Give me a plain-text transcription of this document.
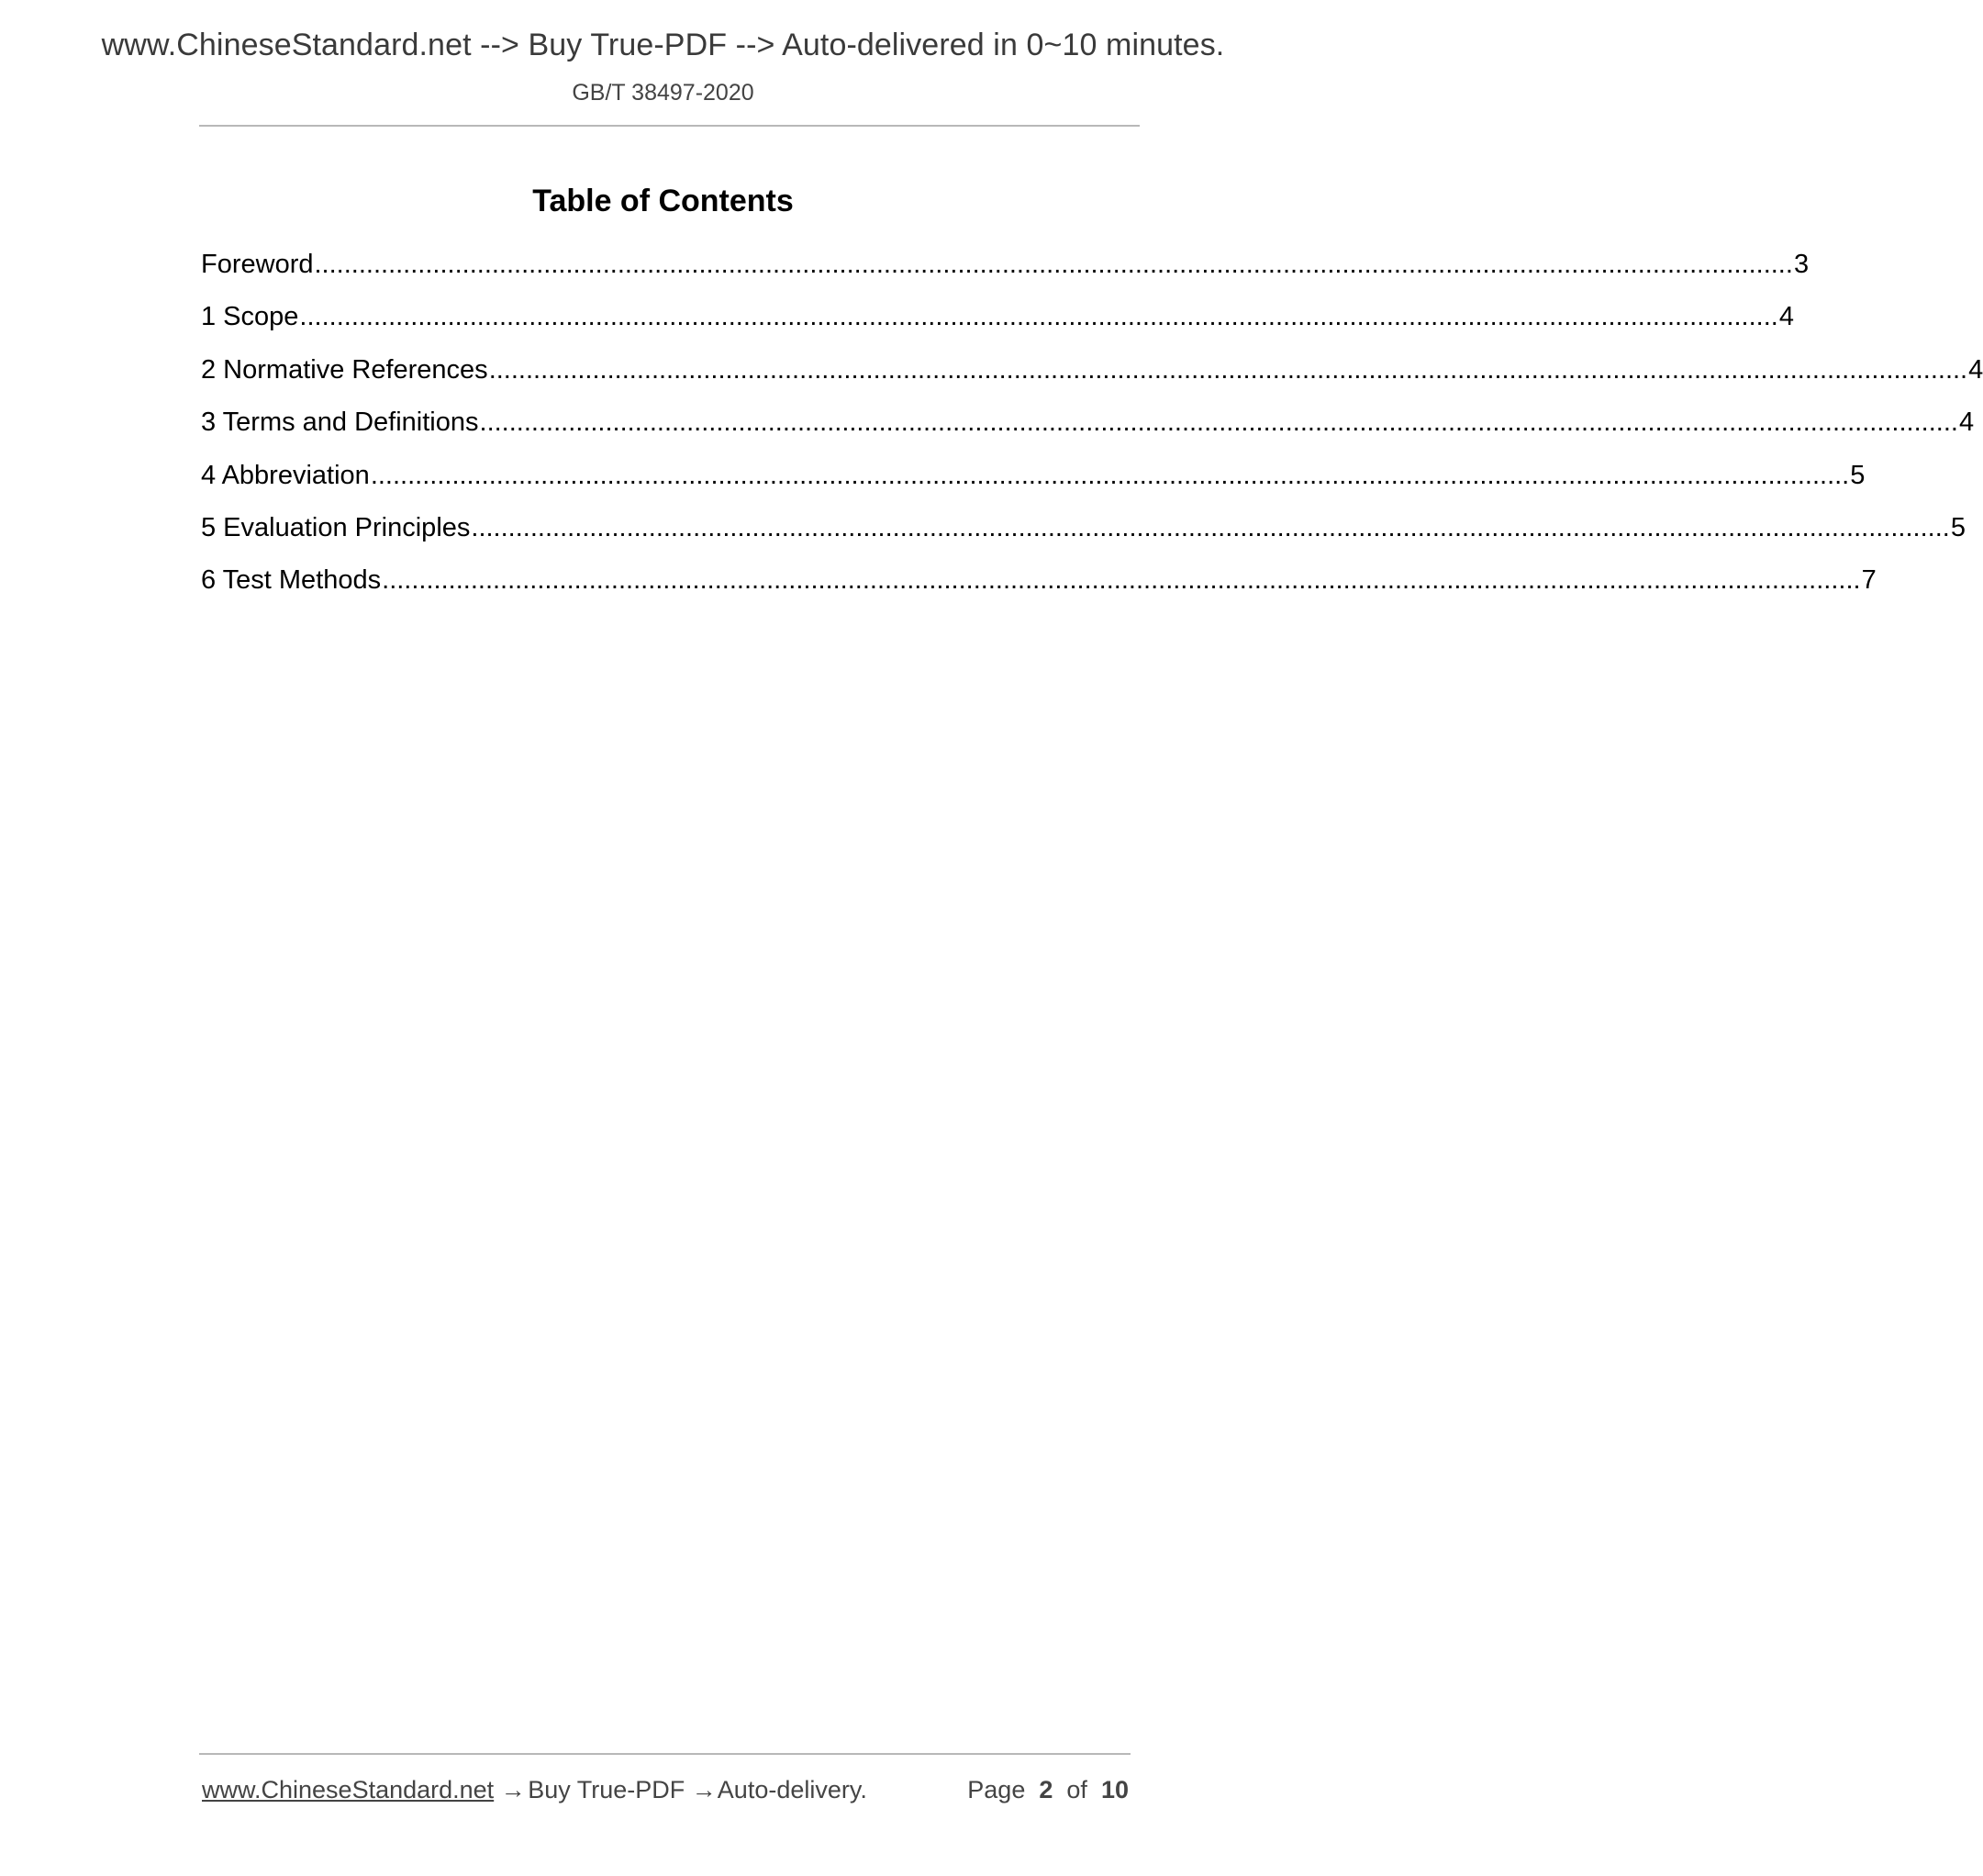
www.ChineseStandard.net --> Buy True-PDF --> Auto-delivered in 0~10 minutes.
GB/T 38497-2020
Table of Contents
Foreword ........................................................................................................................................................................................................ 3
1 Scope ........................................................................................................................................................................................................ 4
2 Normative References ........................................................................................................................................................................................................ 4
3 Terms and Definitions ........................................................................................................................................................................................................ 4
4 Abbreviation ........................................................................................................................................................................................................ 5
5 Evaluation Principles ........................................................................................................................................................................................................ 5
6 Test Methods ........................................................................................................................................................................................................ 7
www.ChineseStandard.net → Buy True-PDF → Auto-delivery.	Page 2 of 10
